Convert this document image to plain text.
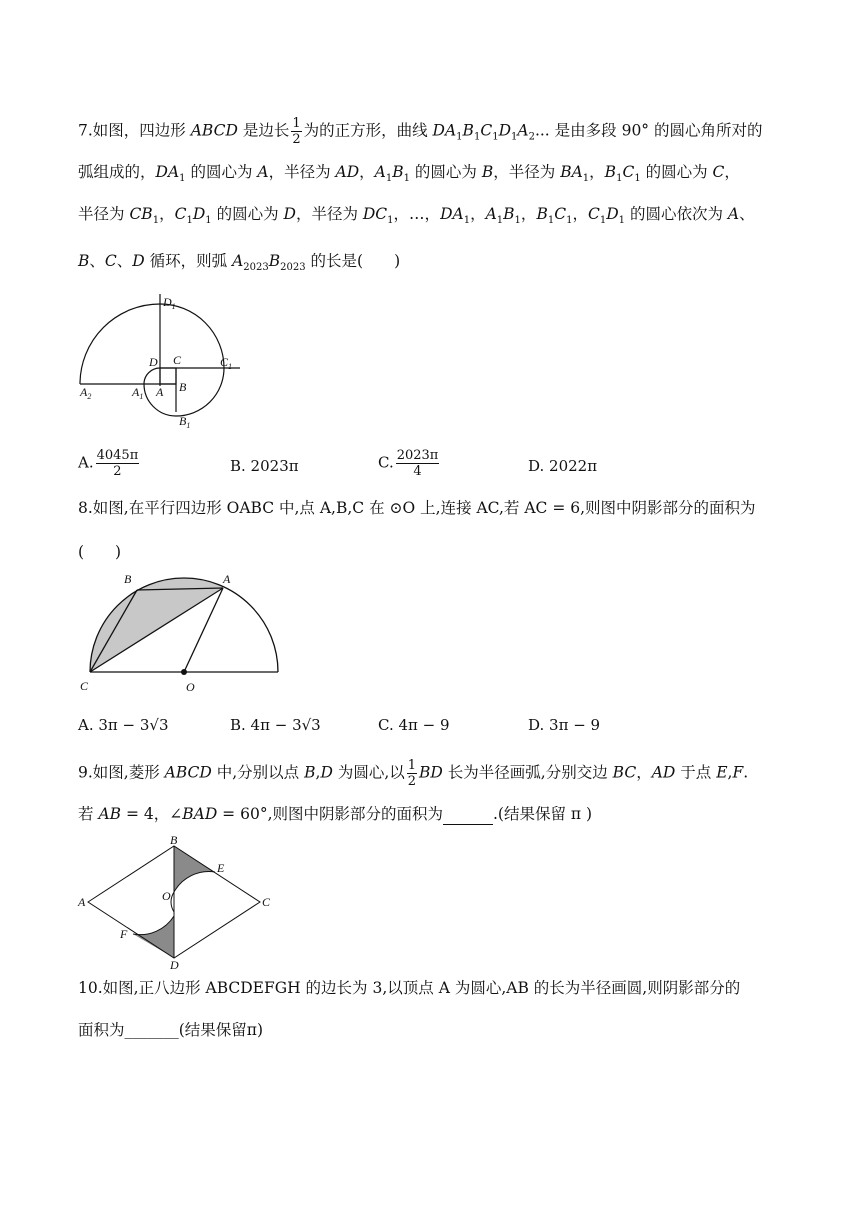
7.如图，四边形 ABCD 是边长 $\frac{1}{2}$ 为的正方形，曲线 $DA_1B_1C_1D_1A_2$... 是由多段 90° 的圆心角所对的
弧组成的，$DA_1$ 的圆心为 A，半径为 AD，$A_1B_1$ 的圆心为 B，半径为 $BA_1$，$B_1C_1$ 的圆心为 C，
半径为 $CB_1$，$C_1D_1$ 的圆心为 D，半径为 $DC_1$，…，$DA_1$，$A_1B_1$，$B_1C_1$，$C_1D_1$ 的圆心依次为 A、
B、C、D 循环，则弧 $A_{2023}B_{2023}$ 的长是(　　)
$D_1$
D C	$C_1$
$A_2$	$A_1$ A B
$B_1$
A. $\frac{4045\pi}{2}$	B. 2023π	C. $\frac{2023\pi}{4}$	D. 2022π
8.如图,在平行四边形 OABC 中,点 A,B,C 在 ⊙O 上,连接 AC,若 AC = 6,则图中阴影部分的面积为
(　　)
B	A
C	O
A. 3π − 3√3	B. 4π − 3√3	C. 4π − 9	D. 3π − 9
9.如图,菱形 ABCD 中,分别以点 B,D 为圆心,以 $\frac{1}{2}$ BD 长为半径画弧,分别交边 BC，AD 于点 E,F.
若 AB = 4，∠BAD = 60°,则图中阴影部分的面积为	.(结果保留 π )
A
B
C
D
E
F
O
10.如图,正八边形 ABCDEFGH 的边长为 3,以顶点 A 为圆心,AB 的长为半径画圆,则阴影部分的
面积为_______(结果保留π)
